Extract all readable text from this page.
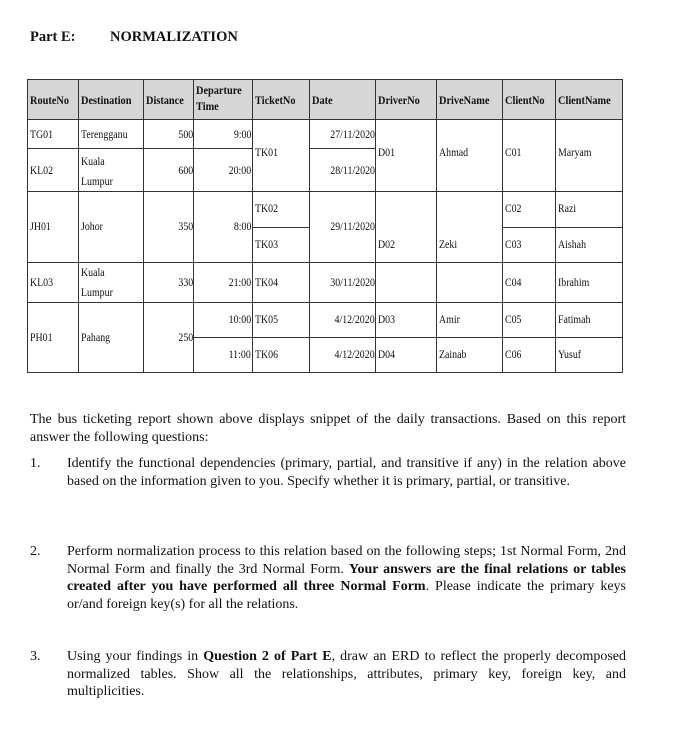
Part E: NORMALIZATION
RouteNo Destination Distance
Departure
Time	TicketNo Date	DriverNo DriveName ClientNo ClientName
TG01
KL02
JH01
KL03
PH01
Terengganu
Kuala
Lumpur
Johor
Kuala
Lumpur
Pahang
500
600
350
330
250
9:00
20:00
8:00
21:00
10:00
11:00
TK01
TK02
TK03
TK04
TK05
TK06
27/11/2020
28/11/2020
29/11/2020
30/11/2020
4/12/2020
4/12/2020
D01
D02
D03
D04
Ahmad
Zeki
Amir
Zainab
C01
C02
C03
C04
C05
C06
Maryam
Razi
Aishah
Ibrahim
Fatimah
Yusuf
The bus ticketing report shown above displays snippet of the daily transactions. Based on this report answer the following questions:
1. Identify the functional dependencies (primary, partial, and transitive if any) in the relation above based on the information given to you. Specify whether it is primary, partial, or transitive.
2. Perform normalization process to this relation based on the following steps; 1st Normal Form, 2nd Normal Form and finally the 3rd Normal Form. Your answers are the final relations or tables created after you have performed all three Normal Form. Please indicate the primary keys or/and foreign key(s) for all the relations.
3. Using your findings in Question 2 of Part E, draw an ERD to reflect the properly decomposed normalized tables. Show all the relationships, attributes, primary key, foreign key, and multiplicities.
